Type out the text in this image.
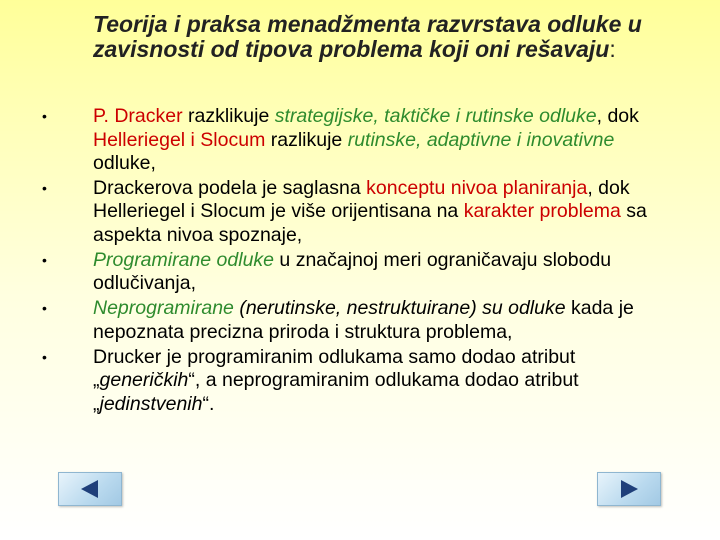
Teorija i praksa menadžmenta razvrstava odluke u zavisnosti od tipova problema koji oni rešavaju:
•	P. Dracker razklikuje strategijske, taktičke i rutinske odluke, dok Helleriegel i Slocum razlikuje rutinske, adaptivne i inovativne odluke,
•	Drackerova podela je saglasna konceptu nivoa planiranja, dok Helleriegel i Slocum je više orijentisana na karakter problema sa aspekta nivoa spoznaje,
•	Programirane odluke u značajnoj meri ograničavaju slobodu odlučivanja,
•	Neprogramirane (nerutinske, nestruktuirane) su odluke kada je nepoznata precizna priroda i struktura problema,
•	Drucker je programiranim odlukama samo dodao atribut „generičkih“, a neprogramiranim odlukama dodao atribut „jedinstvenih“.
